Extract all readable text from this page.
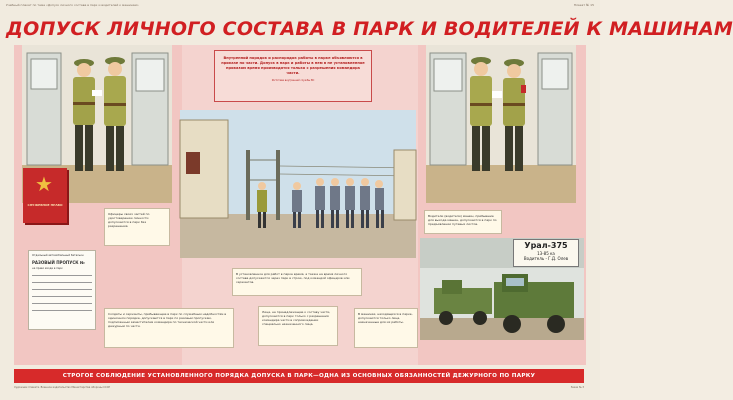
Учебный плакат по теме «Допуск личного состава в парк и водителей к машинам»	Плакат № 15
ДОПУСК ЛИЧНОГО СОСТАВА В ПАРК И ВОДИТЕЛЕЙ К МАШИНАМ
★
СЛУЖЕБНОЕ ПРАВО
Офицеры своих частей по удостоверению личности допускаются в парк без разрешения.
Отдельный автомобильный батальон
РАЗОВЫЙ ПРОПУСК №
на право входа в парк
Внутренний порядок и распорядок работы в парке объявляются в приказе по части. Допуск в парк и работы в нем в не установленное приказом время производятся только с разрешения командира части.
Из Устава внутренней службы ВС
В установленное для работ в парке время, а также на время личного состава допускаются через парк в строю, под командой офицеров или сержантов.
Водители (водители) машин, прибывшие для выхода машин, допускаются в парк по предъявлении путевых листов.
Урал-375
13-85 ка
Водитель - Г.Д. Олев
Солдаты и сержанты, прибывающие в парк по служебным надобностям в одиночном порядке, допускаются в парк по разовым пропускам, подписанным заместителем командира по технической части или дежурным по части.
Лица, не принадлежащие к составу части, допускаются в парк только с разрешения командира части в сопровождении специально назначенного лица.
В машинах, находящихся в парке, допускаются только лица, назначенные для их работы.
СТРОГОЕ СОБЛЮДЕНИЕ УСТАНОВЛЕННОГО ПОРЯДКА ДОПУСКА В ПАРК—ОДНА ИЗ ОСНОВНЫХ ОБЯЗАННОСТЕЙ ДЕЖУРНОГО ПО ПАРКУ
Художник плаката. Военное издательство Министерства обороны СССР	Заказ № 3
